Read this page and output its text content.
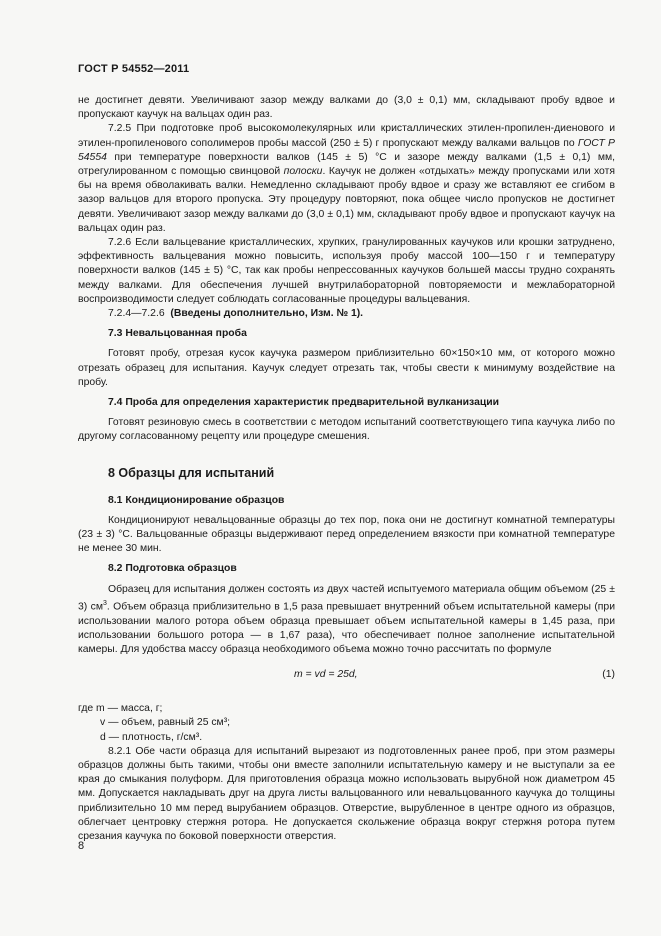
ГОСТ Р 54552—2011

не достигнет девяти. Увеличивают зазор между валками до (3,0 ± 0,1) мм, складывают пробу вдвое и пропускают каучук на вальцах один раз.

7.2.5 При подготовке проб высокомолекулярных или кристаллических этилен-пропилен-диенового и этилен-пропиленового сополимеров пробы массой (250 ± 5) г пропускают между валками вальцов по ГОСТ Р 54554 при температуре поверхности валков (145 ± 5) °С и зазоре между валками (1,5 ± 0,1) мм, отрегулированном с помощью свинцовой полоски. Каучук не должен «отдыхать» между пропусками или хотя бы на время обволакивать валки. Немедленно складывают пробу вдвое и сразу же вставляют ее сгибом в зазор вальцов для второго пропуска. Эту процедуру повторяют, пока общее число пропусков не достигнет девяти. Увеличивают зазор между валками до (3,0 ± 0,1) мм, складывают пробу вдвое и пропускают каучук на вальцах один раз.

7.2.6 Если вальцевание кристаллических, хрупких, гранулированных каучуков или крошки затруднено, эффективность вальцевания можно повысить, используя пробу массой 100—150 г и температуру поверхности валков (145 ± 5) °С, так как пробы непрессованных каучуков большей массы трудно сохранять между валками. Для обеспечения лучшей внутрилабораторной повторяемости и межлабораторной воспроизводимости следует соблюдать согласованные процедуры вальцевания.

7.2.4—7.2.6 (Введены дополнительно, Изм. № 1).

7.3 Невальцованная проба

Готовят пробу, отрезая кусок каучука размером приблизительно 60×150×10 мм, от которого можно отрезать образец для испытания. Каучук следует отрезать так, чтобы свести к минимуму воздействие на пробу.

7.4 Проба для определения характеристик предварительной вулканизации

Готовят резиновую смесь в соответствии с методом испытаний соответствующего типа каучука либо по другому согласованному рецепту или процедуре смешения.

8 Образцы для испытаний

8.1 Кондиционирование образцов

Кондиционируют невальцованные образцы до тех пор, пока они не достигнут комнатной температуры (23 ± 3) °С. Вальцованные образцы выдерживают перед определением вязкости при комнатной температуре не менее 30 мин.

8.2 Подготовка образцов

Образец для испытания должен состоять из двух частей испытуемого материала общим объемом (25 ± 3) $см^3$. Объем образца приблизительно в 1,5 раза превышает внутренний объем испытательной камеры (при использовании малого ротора объем образца превышает объем испытательной камеры в 1,45 раза, при использовании большого ротора — в 1,67 раза), что обеспечивает полное заполнение испытательной камеры. Для удобства массу образца необходимого объема можно точно рассчитать по формуле

m = vd = 25d,	(1)

где m — масса, г;

v — объем, равный 25 см³;

d — плотность, г/см³.

8.2.1 Обе части образца для испытаний вырезают из подготовленных ранее проб, при этом размеры образцов должны быть такими, чтобы они вместе заполнили испытательную камеру и не выступали за ее края до смыкания полуформ. Для приготовления образца можно использовать вырубной нож диаметром 45 мм. Допускается накладывать друг на друга листы вальцованного или невальцованного каучука до толщины приблизительно 10 мм перед вырубанием образцов. Отверстие, вырубленное в центре одного из образцов, облегчает центровку стержня ротора. Не допускается скольжение образца вокруг стержня ротора путем срезания каучука по боковой поверхности отверстия.

8
